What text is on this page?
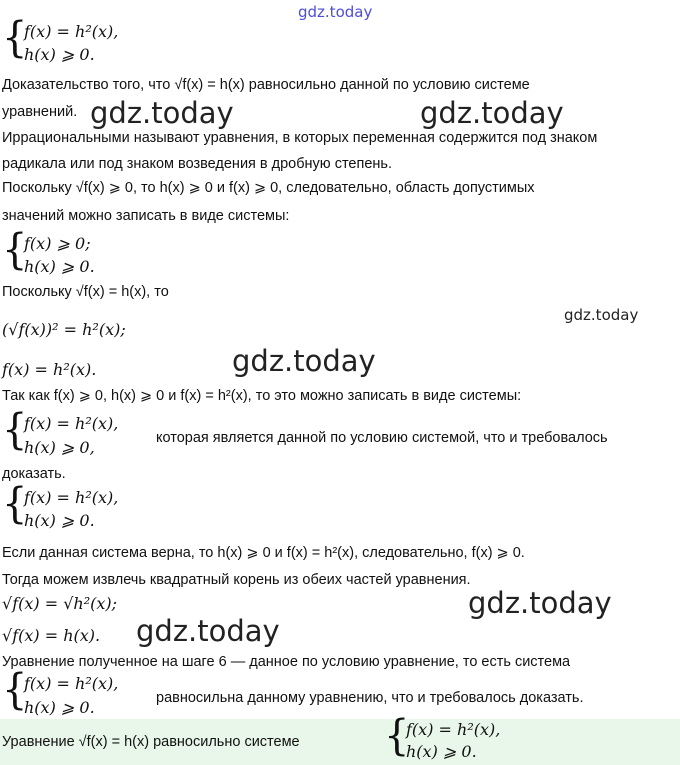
gdz.today
{
f(x) = h²(x),
h(x) ⩾ 0.
Доказательство того, что √f(x) = h(x) равносильно данной по условию системе
уравнений. gdz.today	gdz.today
Иррациональными называют уравнения, в которых переменная содержится под знаком
радикала или под знаком возведения в дробную степень.
Поскольку √f(x) ⩾ 0, то h(x) ⩾ 0 и f(x) ⩾ 0, следовательно, область допустимых
значений можно записать в виде системы:
{
f(x) ⩾ 0;
h(x) ⩾ 0.
Поскольку √f(x) = h(x), то
(√f(x))² = h²(x);
gdz.today
f(x) = h²(x).	gdz.today
Так как f(x) ⩾ 0, h(x) ⩾ 0 и f(x) = h²(x), то это можно записать в виде системы:
{
f(x) = h²(x),
h(x) ⩾ 0,	которая является данной по условию системой, что и требовалось
доказать.
{
f(x) = h²(x),
h(x) ⩾ 0.
Если данная система верна, то h(x) ⩾ 0 и f(x) = h²(x), следовательно, f(x) ⩾ 0.
Тогда можем извлечь квадратный корень из обеих частей уравнения.
√f(x) = √h²(x);	gdz.today
√f(x) = h(x). gdz.today
Уравнение полученное на шаге 6 — данное по условию уравнение, то есть система
{
f(x) = h²(x),
h(x) ⩾ 0.	равносильна данному уравнению, что и требовалось доказать.
Уравнение √f(x) = h(x) равносильно системе {
f(x) = h²(x),
h(x) ⩾ 0.
